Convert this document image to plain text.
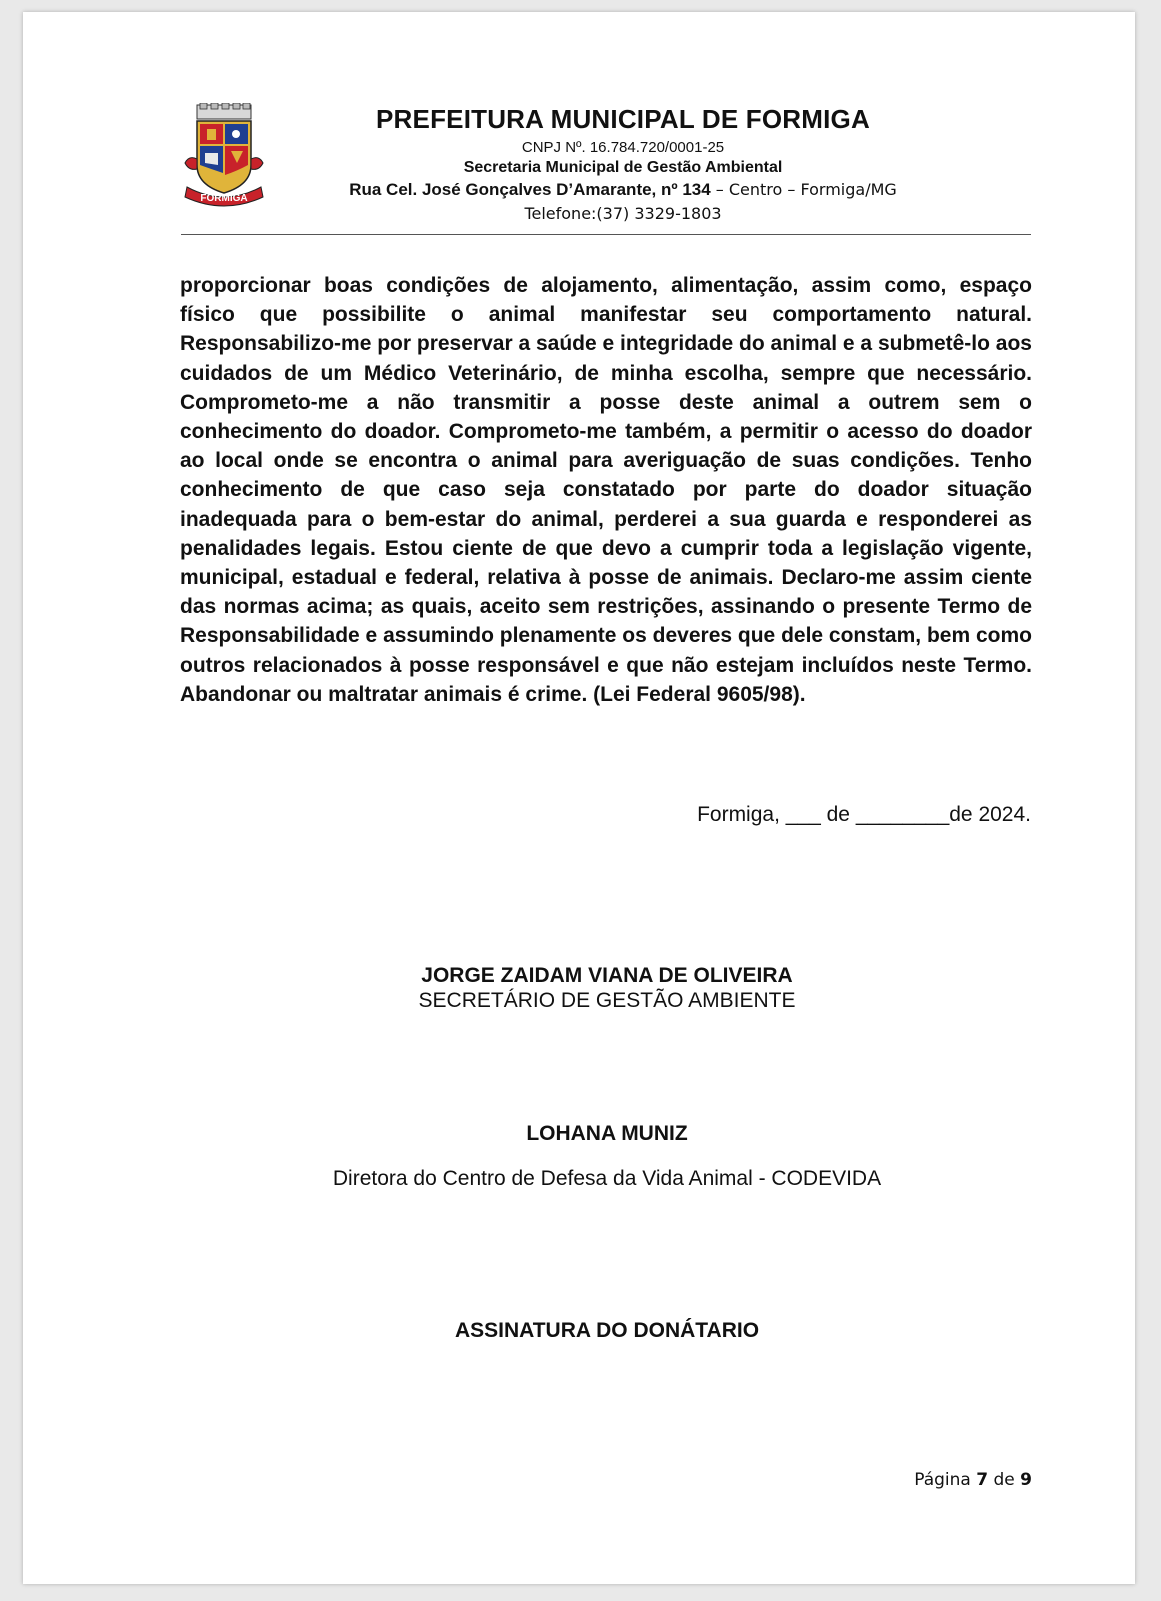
FORMIGA
PREFEITURA MUNICIPAL DE FORMIGA
CNPJ Nº. 16.784.720/0001-25
Secretaria Municipal de Gestão Ambiental
Rua Cel. José Gonçalves D’Amarante, nº 134 – Centro – Formiga/MG
Telefone:(37) 3329-1803

proporcionar boas condições de alojamento, alimentação, assim como, espaço físico que possibilite o animal manifestar seu comportamento natural. Responsabilizo-me por preservar a saúde e integridade do animal e a submetê-lo aos cuidados de um Médico Veterinário, de minha escolha, sempre que necessário. Comprometo-me a não transmitir a posse deste animal a outrem sem o conhecimento do doador. Comprometo-me também, a permitir o acesso do doador ao local onde se encontra o animal para averiguação de suas condições. Tenho conhecimento de que caso seja constatado por parte do doador situação inadequada para o bem-estar do animal, perderei a sua guarda e responderei as penalidades legais. Estou ciente de que devo a cumprir toda a legislação vigente, municipal, estadual e federal, relativa à posse de animais. Declaro-me assim ciente das normas acima; as quais, aceito sem restrições, assinando o presente Termo de Responsabilidade e assumindo plenamente os deveres que dele constam, bem como outros relacionados à posse responsável e que não estejam incluídos neste Termo. Abandonar ou maltratar animais é crime. (Lei Federal 9605/98).

Formiga, ___ de ________de 2024.
JORGE ZAIDAM VIANA DE OLIVEIRA
SECRETÁRIO DE GESTÃO AMBIENTE
LOHANA MUNIZ
Diretora do Centro de Defesa da Vida Animal - CODEVIDA
ASSINATURA DO DONÁTARIO
Página 7 de 9
